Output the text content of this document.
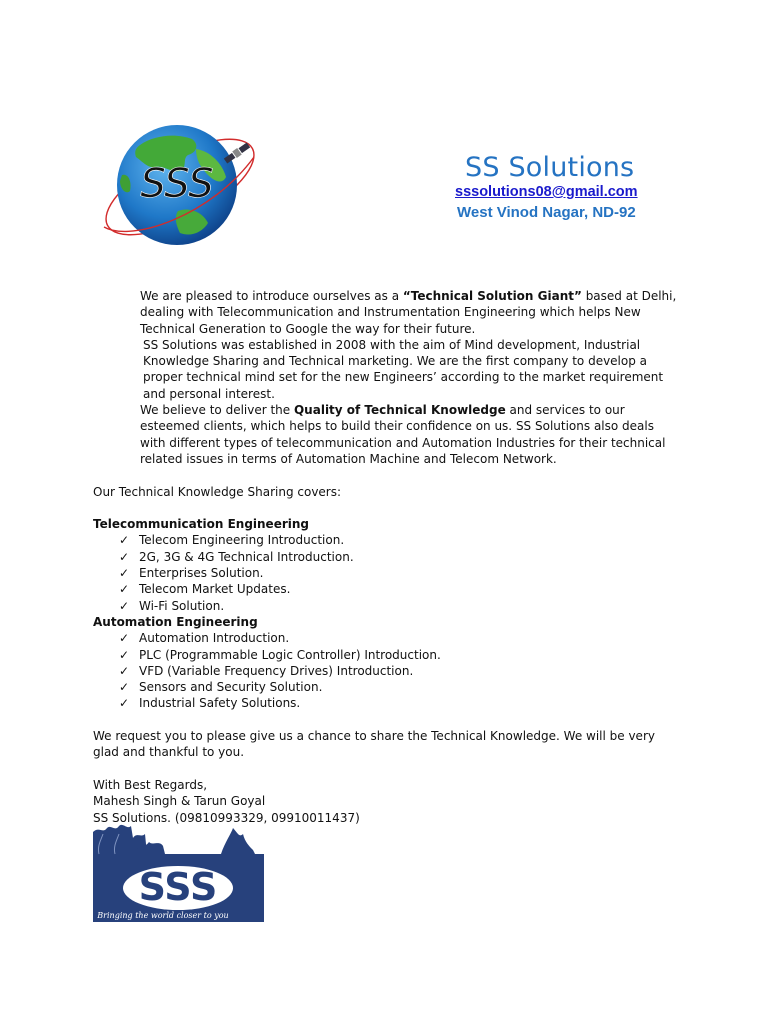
SSS	SS Solutions
sssolutions08@gmail.com
West Vinod Nagar, ND-92

We are pleased to introduce ourselves as a “Technical Solution Giant” based at Delhi, dealing with Telecommunication and Instrumentation Engineering which helps New Technical Generation to Google the way for their future.

SS Solutions was established in 2008 with the aim of Mind development, Industrial Knowledge Sharing and Technical marketing. We are the first company to develop a proper technical mind set for the new Engineers’ according to the market requirement and personal interest.

We believe to deliver the Quality of Technical Knowledge and services to our esteemed clients, which helps to build their confidence on us. SS Solutions also deals with different types of telecommunication and Automation Industries for their technical related issues in terms of Automation Machine and Telecom Network.

Our Technical Knowledge Sharing covers:

Telecommunication Engineering

✓ Telecom Engineering Introduction.
✓ 2G, 3G & 4G Technical Introduction.
✓ Enterprises Solution.
✓ Telecom Market Updates.
✓ Wi-Fi Solution.

Automation Engineering

✓ Automation Introduction.
✓ PLC (Programmable Logic Controller) Introduction.
✓ VFD (Variable Frequency Drives) Introduction.
✓ Sensors and Security Solution.
✓ Industrial Safety Solutions.

We request you to please give us a chance to share the Technical Knowledge. We will be very glad and thankful to you.

With Best Regards,

Mahesh Singh & Tarun Goyal

SS Solutions. (09810993329, 09910011437)

SSS
Bringing the world closer to you
